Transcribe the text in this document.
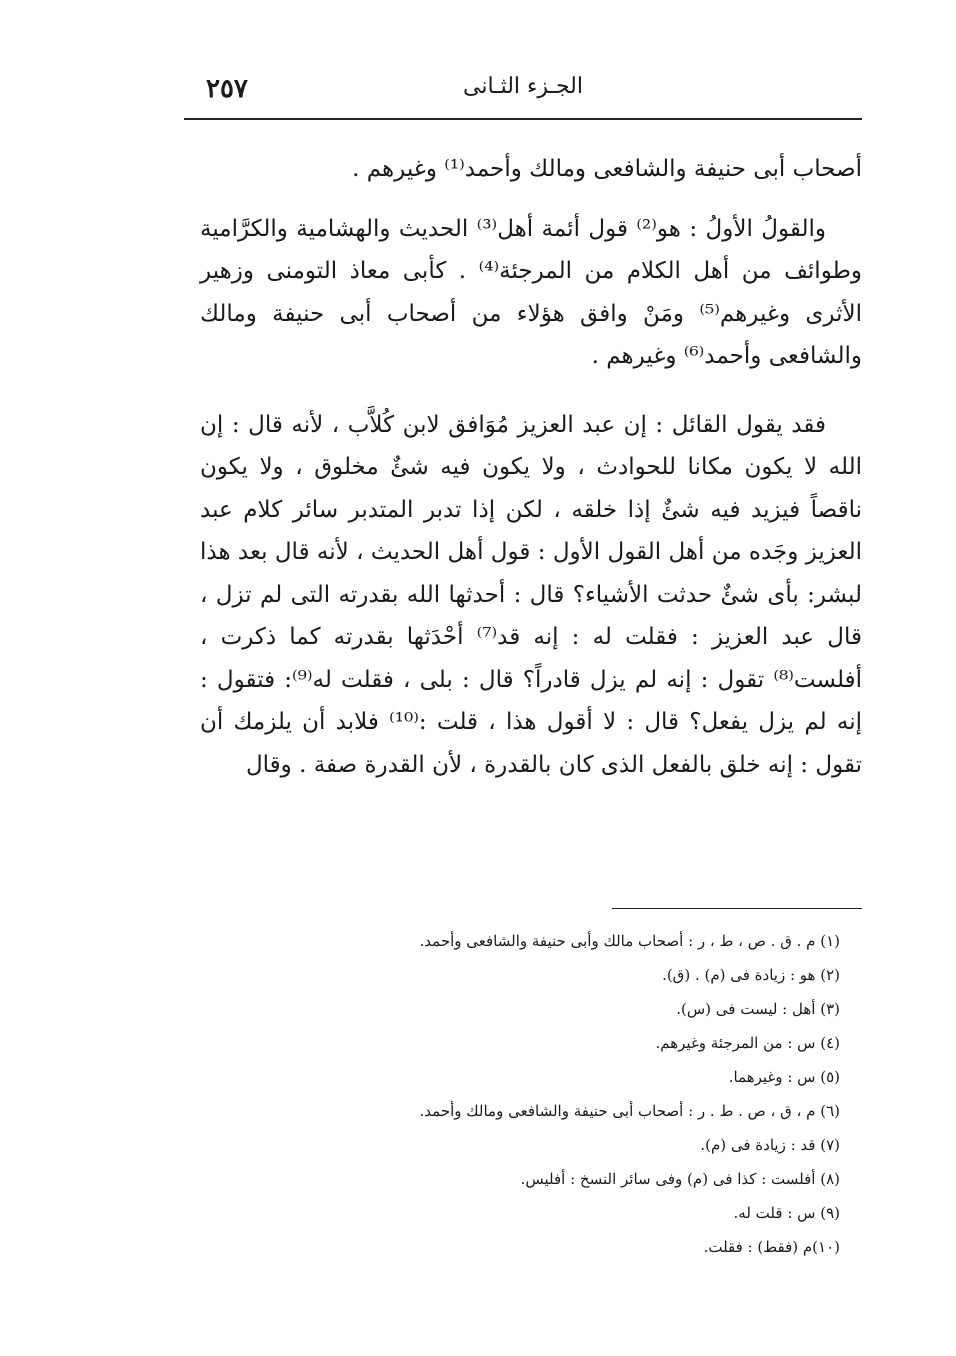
٢٥٧	الجـزء الثـانى

أصحاب أبى حنيفة والشافعى ومالك وأحمد⁽¹⁾ وغيرهم .

والقولُ الأولُ : هو⁽²⁾ قول أئمة أهل⁽³⁾ الحديث والهشامية والكرَّامية وطوائف من أهل الكلام من المرجئة⁽⁴⁾ . كأبى معاذ التومنى وزهير الأثرى وغيرهم⁽⁵⁾ ومَنْ وافق هؤلاء من أصحاب أبى حنيفة ومالك والشافعى وأحمد⁽⁶⁾ وغيرهم .

فقد يقول القائل : إن عبد العزيز مُوَافق لابن كُلاَّب ، لأنه قال : إن الله لا يكون مكانا للحوادث ، ولا يكون فيه شئٌ مخلوق ، ولا يكون ناقصاً فيزيد فيه شئٌ إذا خلقه ، لكن إذا تدبر المتدبر سائر كلام عبد العزيز وجَده من أهل القول الأول : قول أهل الحديث ، لأنه قال بعد هذا لبشر: بأى شئٌ حدثت الأشياء؟ قال : أحدثها الله بقدرته التى لم تزل ، قال عبد العزيز : فقلت له : إنه قد⁽⁷⁾ أحْدَثها بقدرته كما ذكرت ، أفلست⁽⁸⁾ تقول : إنه لم يزل قادراً؟ قال : بلى ، فقلت له⁽⁹⁾: فتقول : إنه لم يزل يفعل؟ قال : لا أقول هذا ، قلت :⁽¹⁰⁾ فلابد أن يلزمك أن تقول : إنه خلق بالفعل الذى كان بالقدرة ، لأن القدرة صفة . وقال

(١) م . ق . ص ، ط ، ر : أصحاب مالك وأبى حنيفة والشافعى وأحمد.
(٢) هو : زيادة فى (م) . (ق).
(٣) أهل : ليست فى (س).
(٤) س : من المرجئة وغيرهم.
(٥) س : وغيرهما.
(٦) م ، ق ، ص . ط . ر : أصحاب أبى حنيفة والشافعى ومالك وأحمد.
(٧) قد : زيادة فى (م).
(٨) أفلست : كذا فى (م) وفى سائر النسخ : أفليس.
(٩) س : قلت له.
(١٠)م (فقط) : فقلت.
